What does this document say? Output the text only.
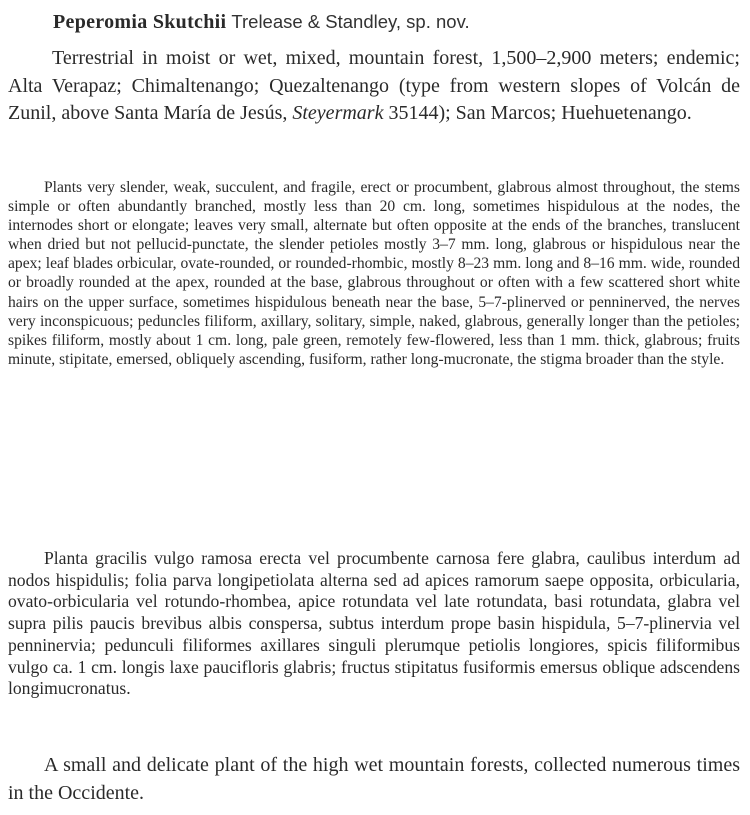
Peperomia Skutchii Trelease & Standley, sp. nov.

Terrestrial in moist or wet, mixed, mountain forest, 1,500–2,900 meters; endemic; Alta Verapaz; Chimaltenango; Quezaltenango (type from western slopes of Volcán de Zunil, above Santa María de Jesús, Steyermark 35144); San Marcos; Huehuetenango.

Plants very slender, weak, succulent, and fragile, erect or procumbent, glabrous almost throughout, the stems simple or often abundantly branched, mostly less than 20 cm. long, sometimes hispidulous at the nodes, the internodes short or elongate; leaves very small, alternate but often opposite at the ends of the branches, translucent when dried but not pellucid-punctate, the slender petioles mostly 3–7 mm. long, glabrous or hispidulous near the apex; leaf blades orbicular, ovate-rounded, or rounded-rhombic, mostly 8–23 mm. long and 8–16 mm. wide, rounded or broadly rounded at the apex, rounded at the base, glabrous throughout or often with a few scattered short white hairs on the upper surface, sometimes hispidulous beneath near the base, 5–7-plinerved or penninerved, the nerves very inconspicuous; peduncles filiform, axillary, solitary, simple, naked, glabrous, generally longer than the petioles; spikes filiform, mostly about 1 cm. long, pale green, remotely few-flowered, less than 1 mm. thick, glabrous; fruits minute, stipitate, emersed, obliquely ascending, fusiform, rather long-mucronate, the stigma broader than the style.

Planta gracilis vulgo ramosa erecta vel procumbente carnosa fere glabra, caulibus interdum ad nodos hispidulis; folia parva longipetiolata alterna sed ad apices ramorum saepe opposita, orbicularia, ovato-orbicularia vel rotundo-rhombea, apice rotundata vel late rotundata, basi rotundata, glabra vel supra pilis paucis brevibus albis conspersa, subtus interdum prope basin hispidula, 5–7-plinervia vel penninervia; pedunculi filiformes axillares singuli plerumque petiolis longiores, spicis filiformibus vulgo ca. 1 cm. longis laxe paucifloris glabris; fructus stipitatus fusiformis emersus oblique adscendens longimucronatus.

A small and delicate plant of the high wet mountain forests, collected numerous times in the Occidente.
